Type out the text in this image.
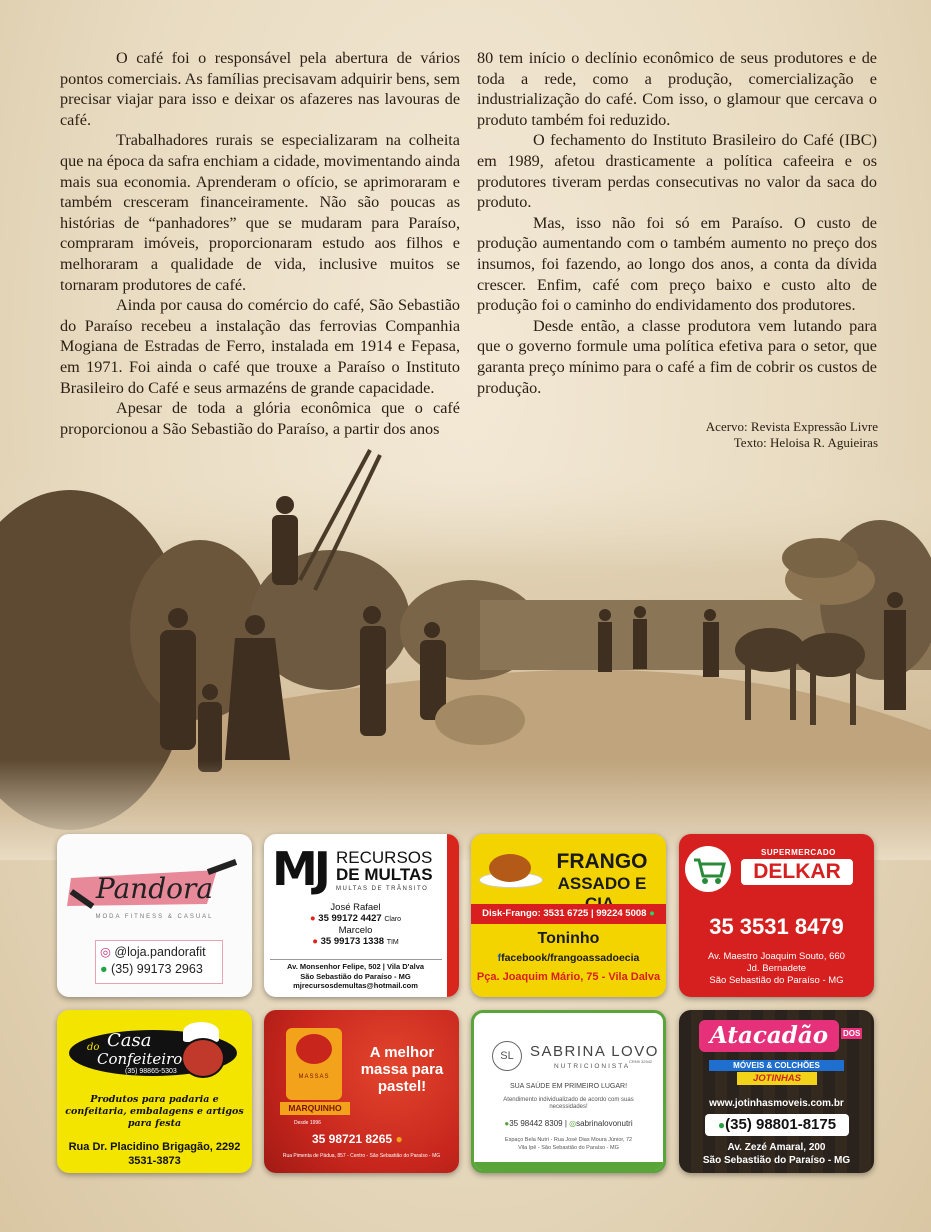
O café foi o responsável pela abertura de vários pontos comerciais. As famílias precisavam adquirir bens, sem precisar viajar para isso e deixar os afazeres nas lavouras de café.

Trabalhadores rurais se especializaram na colheita que na época da safra enchiam a cidade, movimentando ainda mais sua economia. Aprenderam o ofício, se aprimoraram e também cresceram financeiramente. Não são poucas as histórias de “panhadores” que se mudaram para Paraíso, compraram imóveis, proporcionaram estudo aos filhos e melhoraram a qualidade de vida, inclusive muitos se tornaram produtores de café.

Ainda por causa do comércio do café, São Sebastião do Paraíso recebeu a instalação das ferrovias Companhia Mogiana de Estradas de Ferro, instalada em 1914 e Fepasa, em 1971. Foi ainda o café que trouxe a Paraíso o Instituto Brasileiro do Café e seus armazéns de grande capacidade.

Apesar de toda a glória econômica que o café proporcionou a São Sebastião do Paraíso, a partir dos anos

80 tem início o declínio econômico de seus produtores e de toda a rede, como a produção, comercialização e industrialização do café. Com isso, o glamour que cercava o produto também foi reduzido.

O fechamento do Instituto Brasileiro do Café (IBC) em 1989, afetou drasticamente a política cafeeira e os produtores tiveram perdas consecutivas no valor da saca do produto.

Mas, isso não foi só em Paraíso. O custo de produção aumentando com o também aumento no preço dos insumos, foi fazendo, ao longo dos anos, a conta da dívida crescer. Enfim, café com preço baixo e custo alto de produção foi o caminho do endividamento dos produtores.

Desde então, a classe produtora vem lutando para que o governo formule uma política efetiva para o setor, que garanta preço mínimo para o café a fim de cobrir os custos de produção.

Acervo: Revista Expressão Livre
Texto: Heloisa R. Aguieiras
Pandora
MODA FITNESS & CASUAL
◎ @loja.pandorafit
● (35) 99173 2963
MJ RECURSOS
DE MULTAS
MULTAS DE TRÂNSITO
José Rafael
● 35 99172 4427 Claro
Marcelo
● 35 99173 1338 TIM
Av. Monsenhor Felipe, 502 | Vila D'alva
São Sebastião do Paraíso - MG
mjrecursosdemultas@hotmail.com
FRANGO
ASSADO E
Disk-Frango: 3531 6725 | 99224 5008 ●
Toninho
ffacebook/frangoassadoecia
Pça. Joaquim Mário, 75 - Vila Dalva
SUPERMERCADO
DELKAR
35 3531 8479
Av. Maestro Joaquim Souto, 660
Jd. Bernadete
São Sebastião do Paraíso - MG
Casa
do
Confeiteiro
(35) 98865-5303
Produtos para padaria e confeitaria, embalagens e artigos para festa
Rua Dr. Placidino Brigagão, 2292
3531-3873
MASSAS
MARQUINHO
Desde 1996
A melhor massa para pastel!
35 98721 8265 ●
Rua Pimenta de Pádua, 857 - Centro - São Sebastião do Paraíso - MG
SL	SABRINA LOVO
CRN9 32942
NUTRICIONISTA
SUA SAÚDE EM PRIMEIRO LUGAR!
Atendimento individualizado de acordo com suas necessidades!
●35 98442 8309 | ◎sabrinalovonutri
Espaço Bela Nutri - Rua José Dias Moura Júnior, 72
Vila Ipê - São Sebastião do Paraíso - MG
Atacadão	DOS
MÓVEIS & COLCHÕES
JOTINHAS
www.jotinhasmoveis.com.br
●(35) 98801-8175
Av. Zezé Amaral, 200
São Sebastião do Paraíso - MG
